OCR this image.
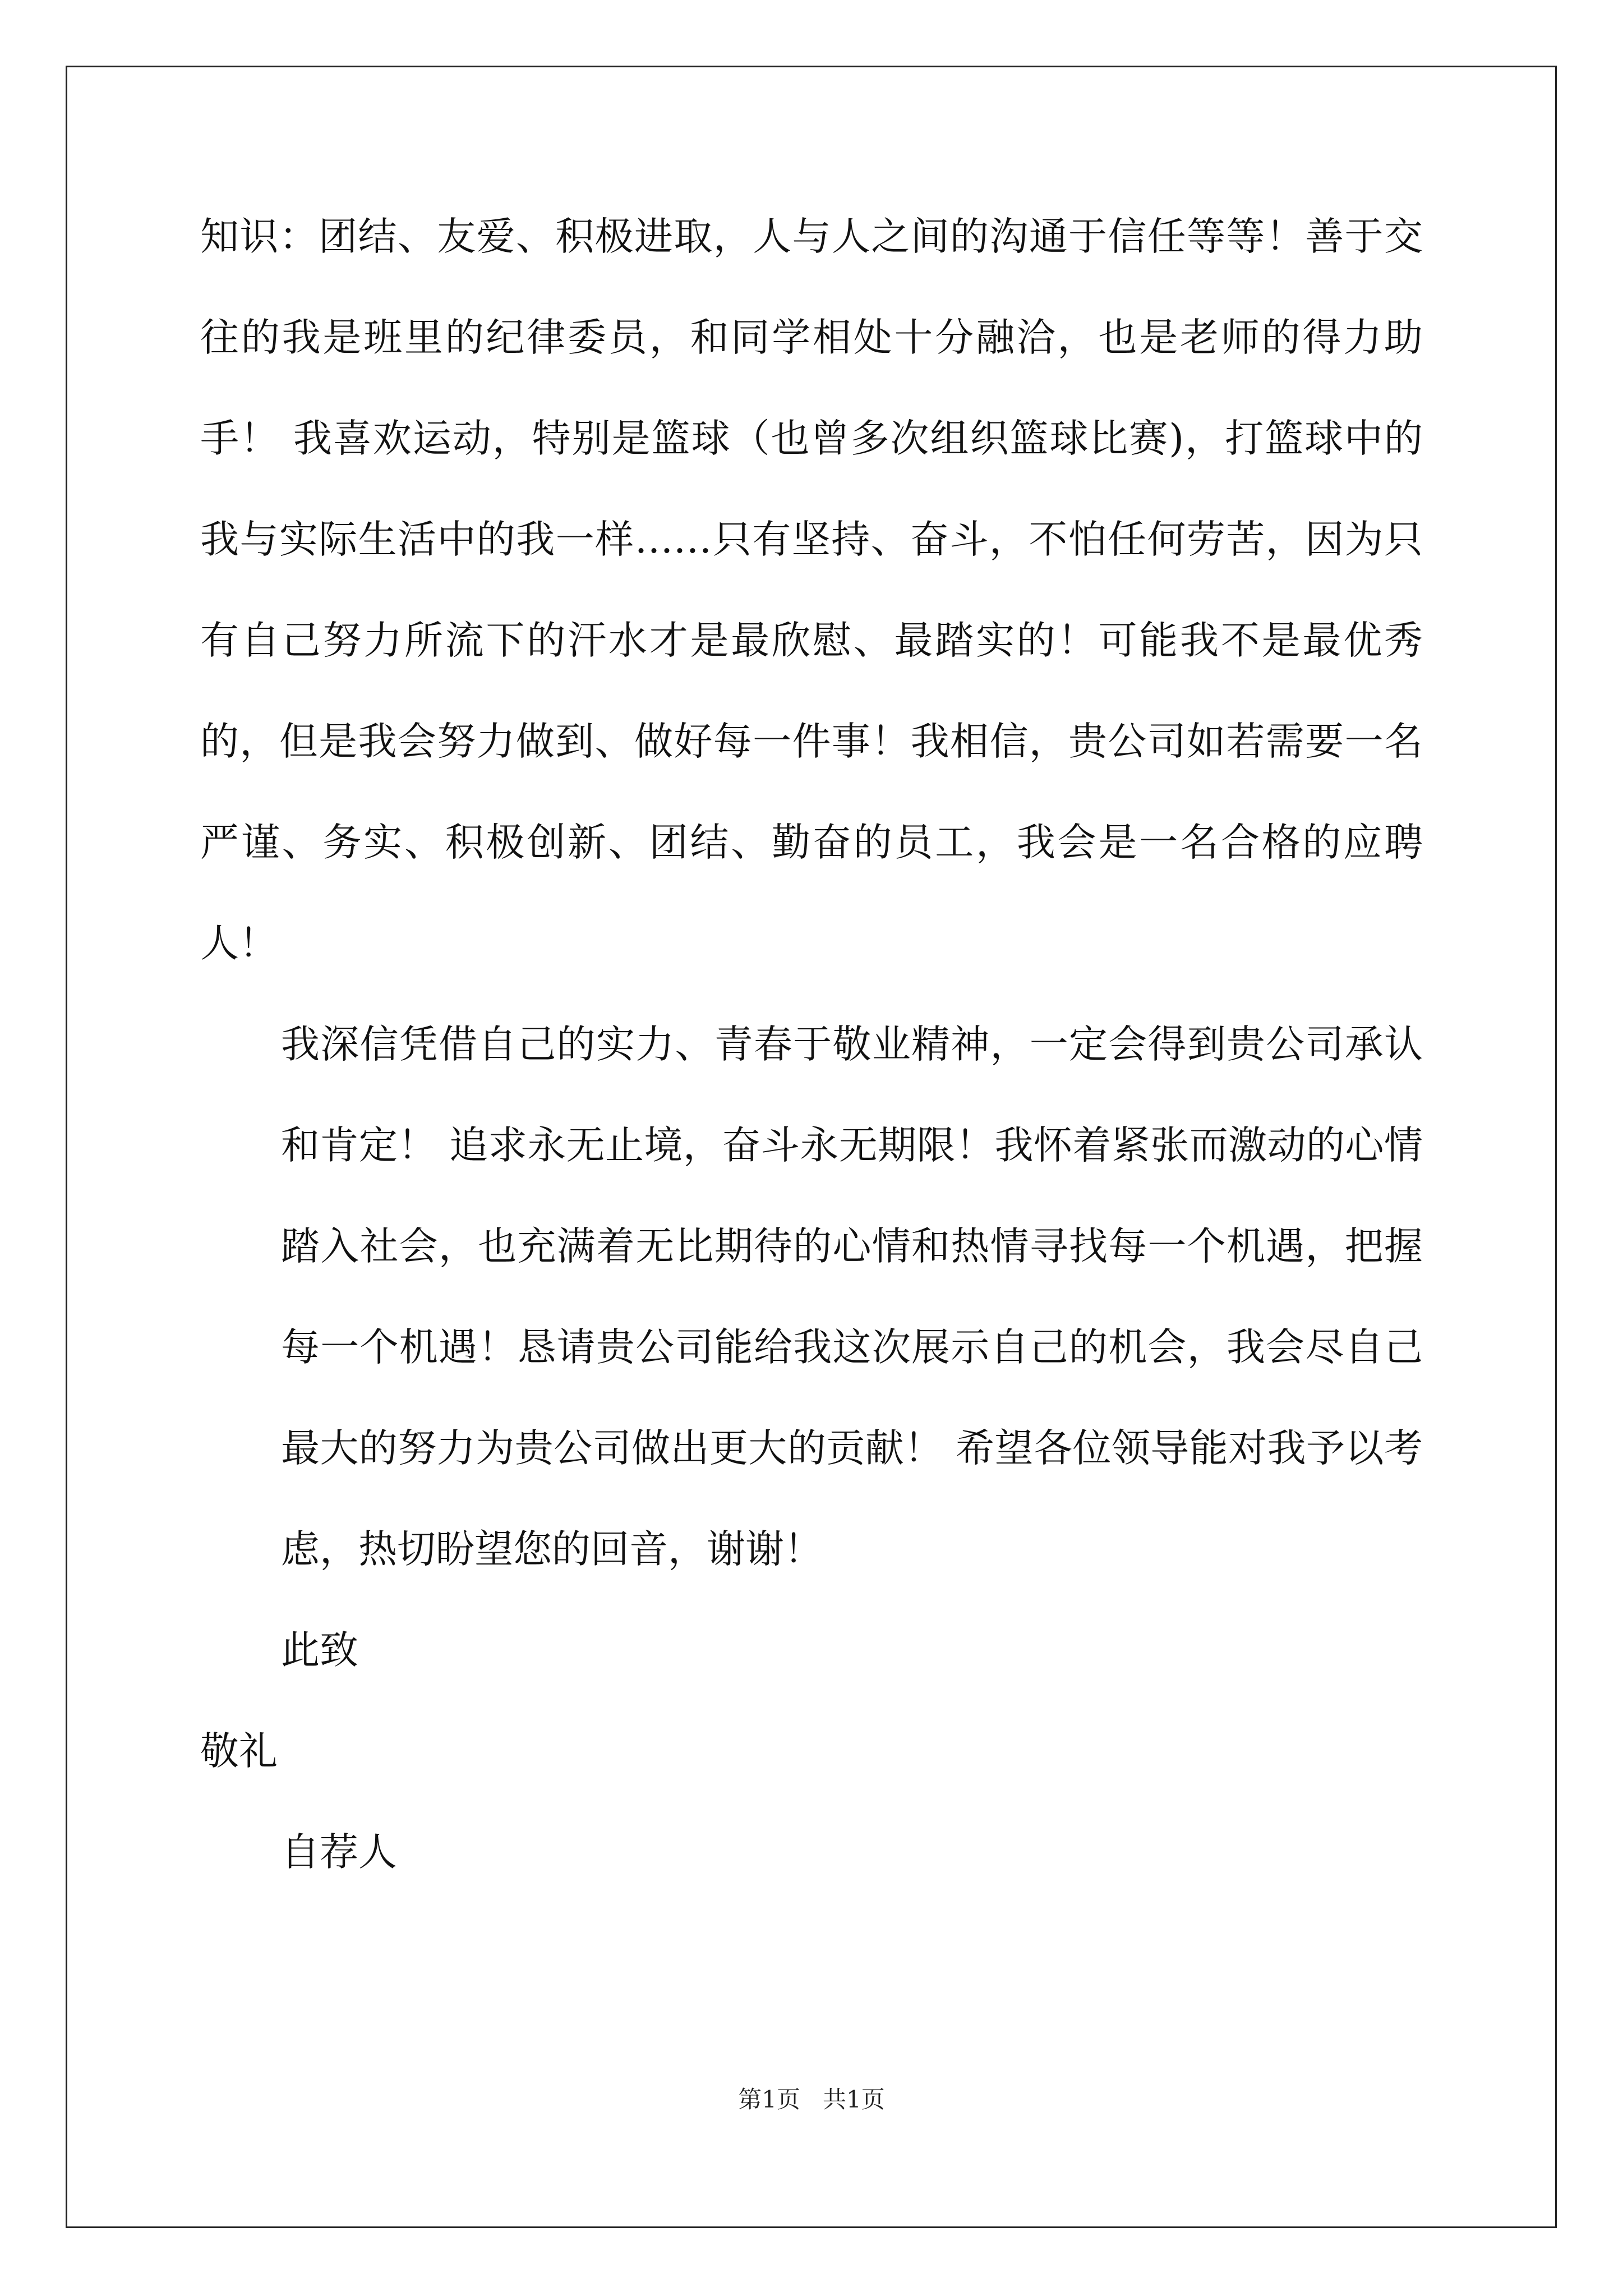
知识：团结、友爱、积极进取，人与人之间的沟通于信任等等！善于交往的我是班里的纪律委员，和同学相处十分融洽，也是老师的得力助手！ 我喜欢运动，特别是篮球（也曾多次组织篮球比赛)，打篮球中的我与实际生活中的我一样……只有坚持、奋斗，不怕任何劳苦，因为只有自己努力所流下的汗水才是最欣慰、最踏实的！可能我不是最优秀的，但是我会努力做到、做好每一件事！我相信，贵公司如若需要一名严谨、务实、积极创新、团结、勤奋的员工，我会是一名合格的应聘人！

我深信凭借自己的实力、青春于敬业精神，一定会得到贵公司承认和肯定！ 追求永无止境，奋斗永无期限！我怀着紧张而激动的心情踏入社会，也充满着无比期待的心情和热情寻找每一个机遇，把握每一个机遇！恳请贵公司能给我这次展示自己的机会，我会尽自己最大的努力为贵公司做出更大的贡献！ 希望各位领导能对我予以考虑，热切盼望您的回音，谢谢！

此致

敬礼

自荐人

第1页   共1页
